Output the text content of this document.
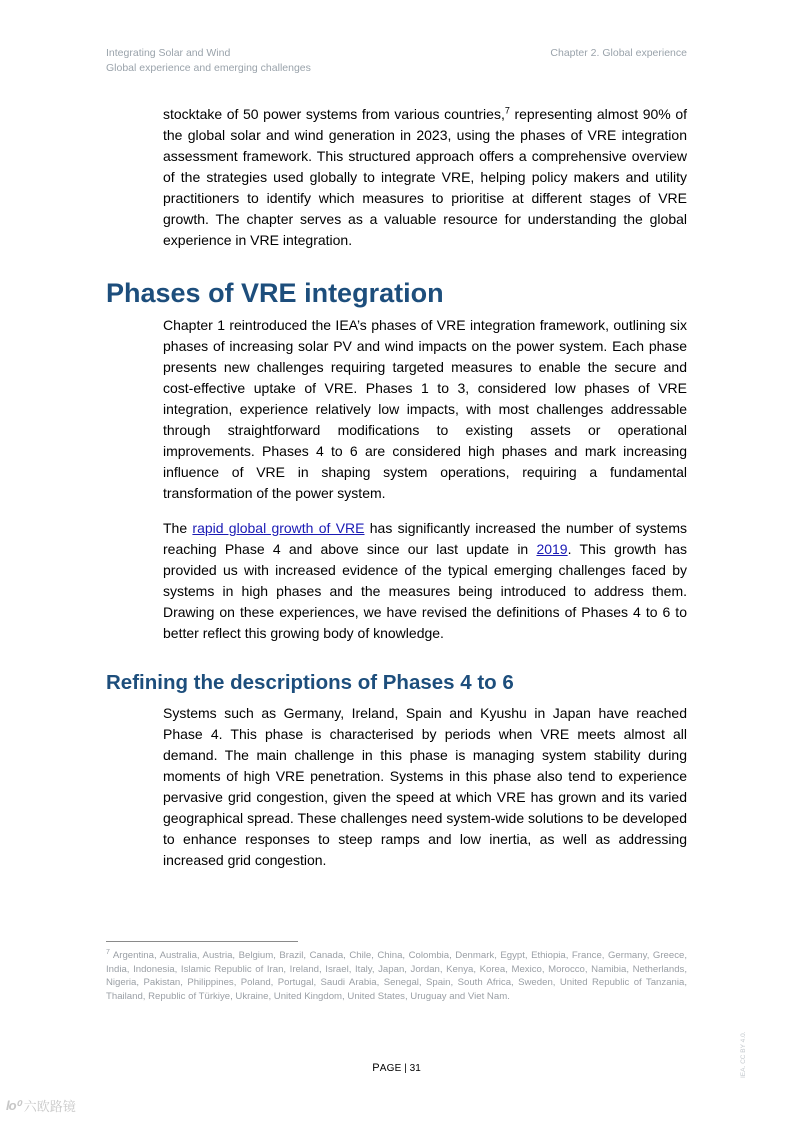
Integrating Solar and Wind
Global experience and emerging challenges
Chapter 2. Global experience

stocktake of 50 power systems from various countries,$^7$ representing almost 90% of the global solar and wind generation in 2023, using the phases of VRE integration assessment framework. This structured approach offers a comprehensive overview of the strategies used globally to integrate VRE, helping policy makers and utility practitioners to identify which measures to prioritise at different stages of VRE growth. The chapter serves as a valuable resource for understanding the global experience in VRE integration.

Phases of VRE integration

Chapter 1 reintroduced the IEA’s phases of VRE integration framework, outlining six phases of increasing solar PV and wind impacts on the power system. Each phase presents new challenges requiring targeted measures to enable the secure and cost-effective uptake of VRE. Phases 1 to 3, considered low phases of VRE integration, experience relatively low impacts, with most challenges addressable through straightforward modifications to existing assets or operational improvements. Phases 4 to 6 are considered high phases and mark increasing influence of VRE in shaping system operations, requiring a fundamental transformation of the power system.

The rapid global growth of VRE has significantly increased the number of systems reaching Phase 4 and above since our last update in 2019. This growth has provided us with increased evidence of the typical emerging challenges faced by systems in high phases and the measures being introduced to address them. Drawing on these experiences, we have revised the definitions of Phases 4 to 6 to better reflect this growing body of knowledge.

Refining the descriptions of Phases 4 to 6

Systems such as Germany, Ireland, Spain and Kyushu in Japan have reached Phase 4. This phase is characterised by periods when VRE meets almost all demand. The main challenge in this phase is managing system stability during moments of high VRE penetration. Systems in this phase also tend to experience pervasive grid congestion, given the speed at which VRE has grown and its varied geographical spread. These challenges need system-wide solutions to be developed to enhance responses to steep ramps and low inertia, as well as addressing increased grid congestion.

$^7$ Argentina, Australia, Austria, Belgium, Brazil, Canada, Chile, China, Colombia, Denmark, Egypt, Ethiopia, France, Germany, Greece, India, Indonesia, Islamic Republic of Iran, Ireland, Israel, Italy, Japan, Jordan, Kenya, Korea, Mexico, Morocco, Namibia, Netherlands, Nigeria, Pakistan, Philippines, Poland, Portugal, Saudi Arabia, Senegal, Spain, South Africa, Sweden, United Republic of Tanzania, Thailand, Republic of Türkiye, Ukraine, United Kingdom, United States, Uruguay and Viet Nam.
PAGE | 31	IEA. CC BY 4.0.
lo⁰ 六欧路镜
